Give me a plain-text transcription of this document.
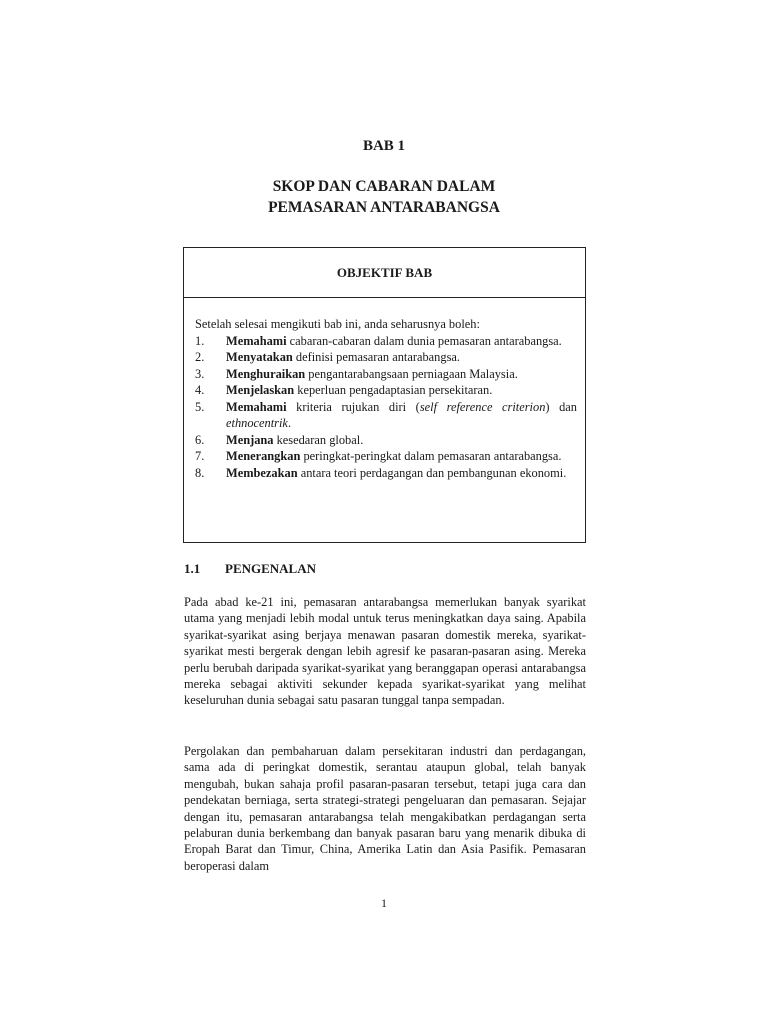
BAB 1
SKOP DAN CABARAN DALAM
PEMASARAN ANTARABANGSA
OBJEKTIF BAB
Setelah selesai mengikuti bab ini, anda seharusnya boleh:
1.	Memahami cabaran-cabaran dalam dunia pemasaran antarabangsa.
2.	Menyatakan definisi pemasaran antarabangsa.
3.	Menghuraikan pengantarabangsaan perniagaan Malaysia.
4.	Menjelaskan keperluan pengadaptasian persekitaran.
5.	Memahami kriteria rujukan diri (self reference criterion) dan ethnocentrik.
6.	Menjana kesedaran global.
7.	Menerangkan peringkat-peringkat dalam pemasaran antarabangsa.
8.	Membezakan antara teori perdagangan dan pembangunan ekonomi.
1.1	PENGENALAN

Pada abad ke-21 ini, pemasaran antarabangsa memerlukan banyak syarikat utama yang menjadi lebih modal untuk terus meningkatkan daya saing. Apabila syarikat-syarikat asing berjaya menawan pasaran domestik mereka, syarikat-syarikat mesti bergerak dengan lebih agresif ke pasaran-pasaran asing. Mereka perlu berubah daripada syarikat-syarikat yang beranggapan operasi antarabangsa mereka sebagai aktiviti sekunder kepada syarikat-syarikat yang melihat keseluruhan dunia sebagai satu pasaran tunggal tanpa sempadan.

Pergolakan dan pembaharuan dalam persekitaran industri dan perdagangan, sama ada di peringkat domestik, serantau ataupun global, telah banyak mengubah, bukan sahaja profil pasaran-pasaran tersebut, tetapi juga cara dan pendekatan berniaga, serta strategi-strategi pengeluaran dan pemasaran. Sejajar dengan itu, pemasaran antarabangsa telah mengakibatkan perdagangan serta pelaburan dunia berkembang dan banyak pasaran baru yang menarik dibuka di Eropah Barat dan Timur, China, Amerika Latin dan Asia Pasifik. Pemasaran beroperasi dalam

1
